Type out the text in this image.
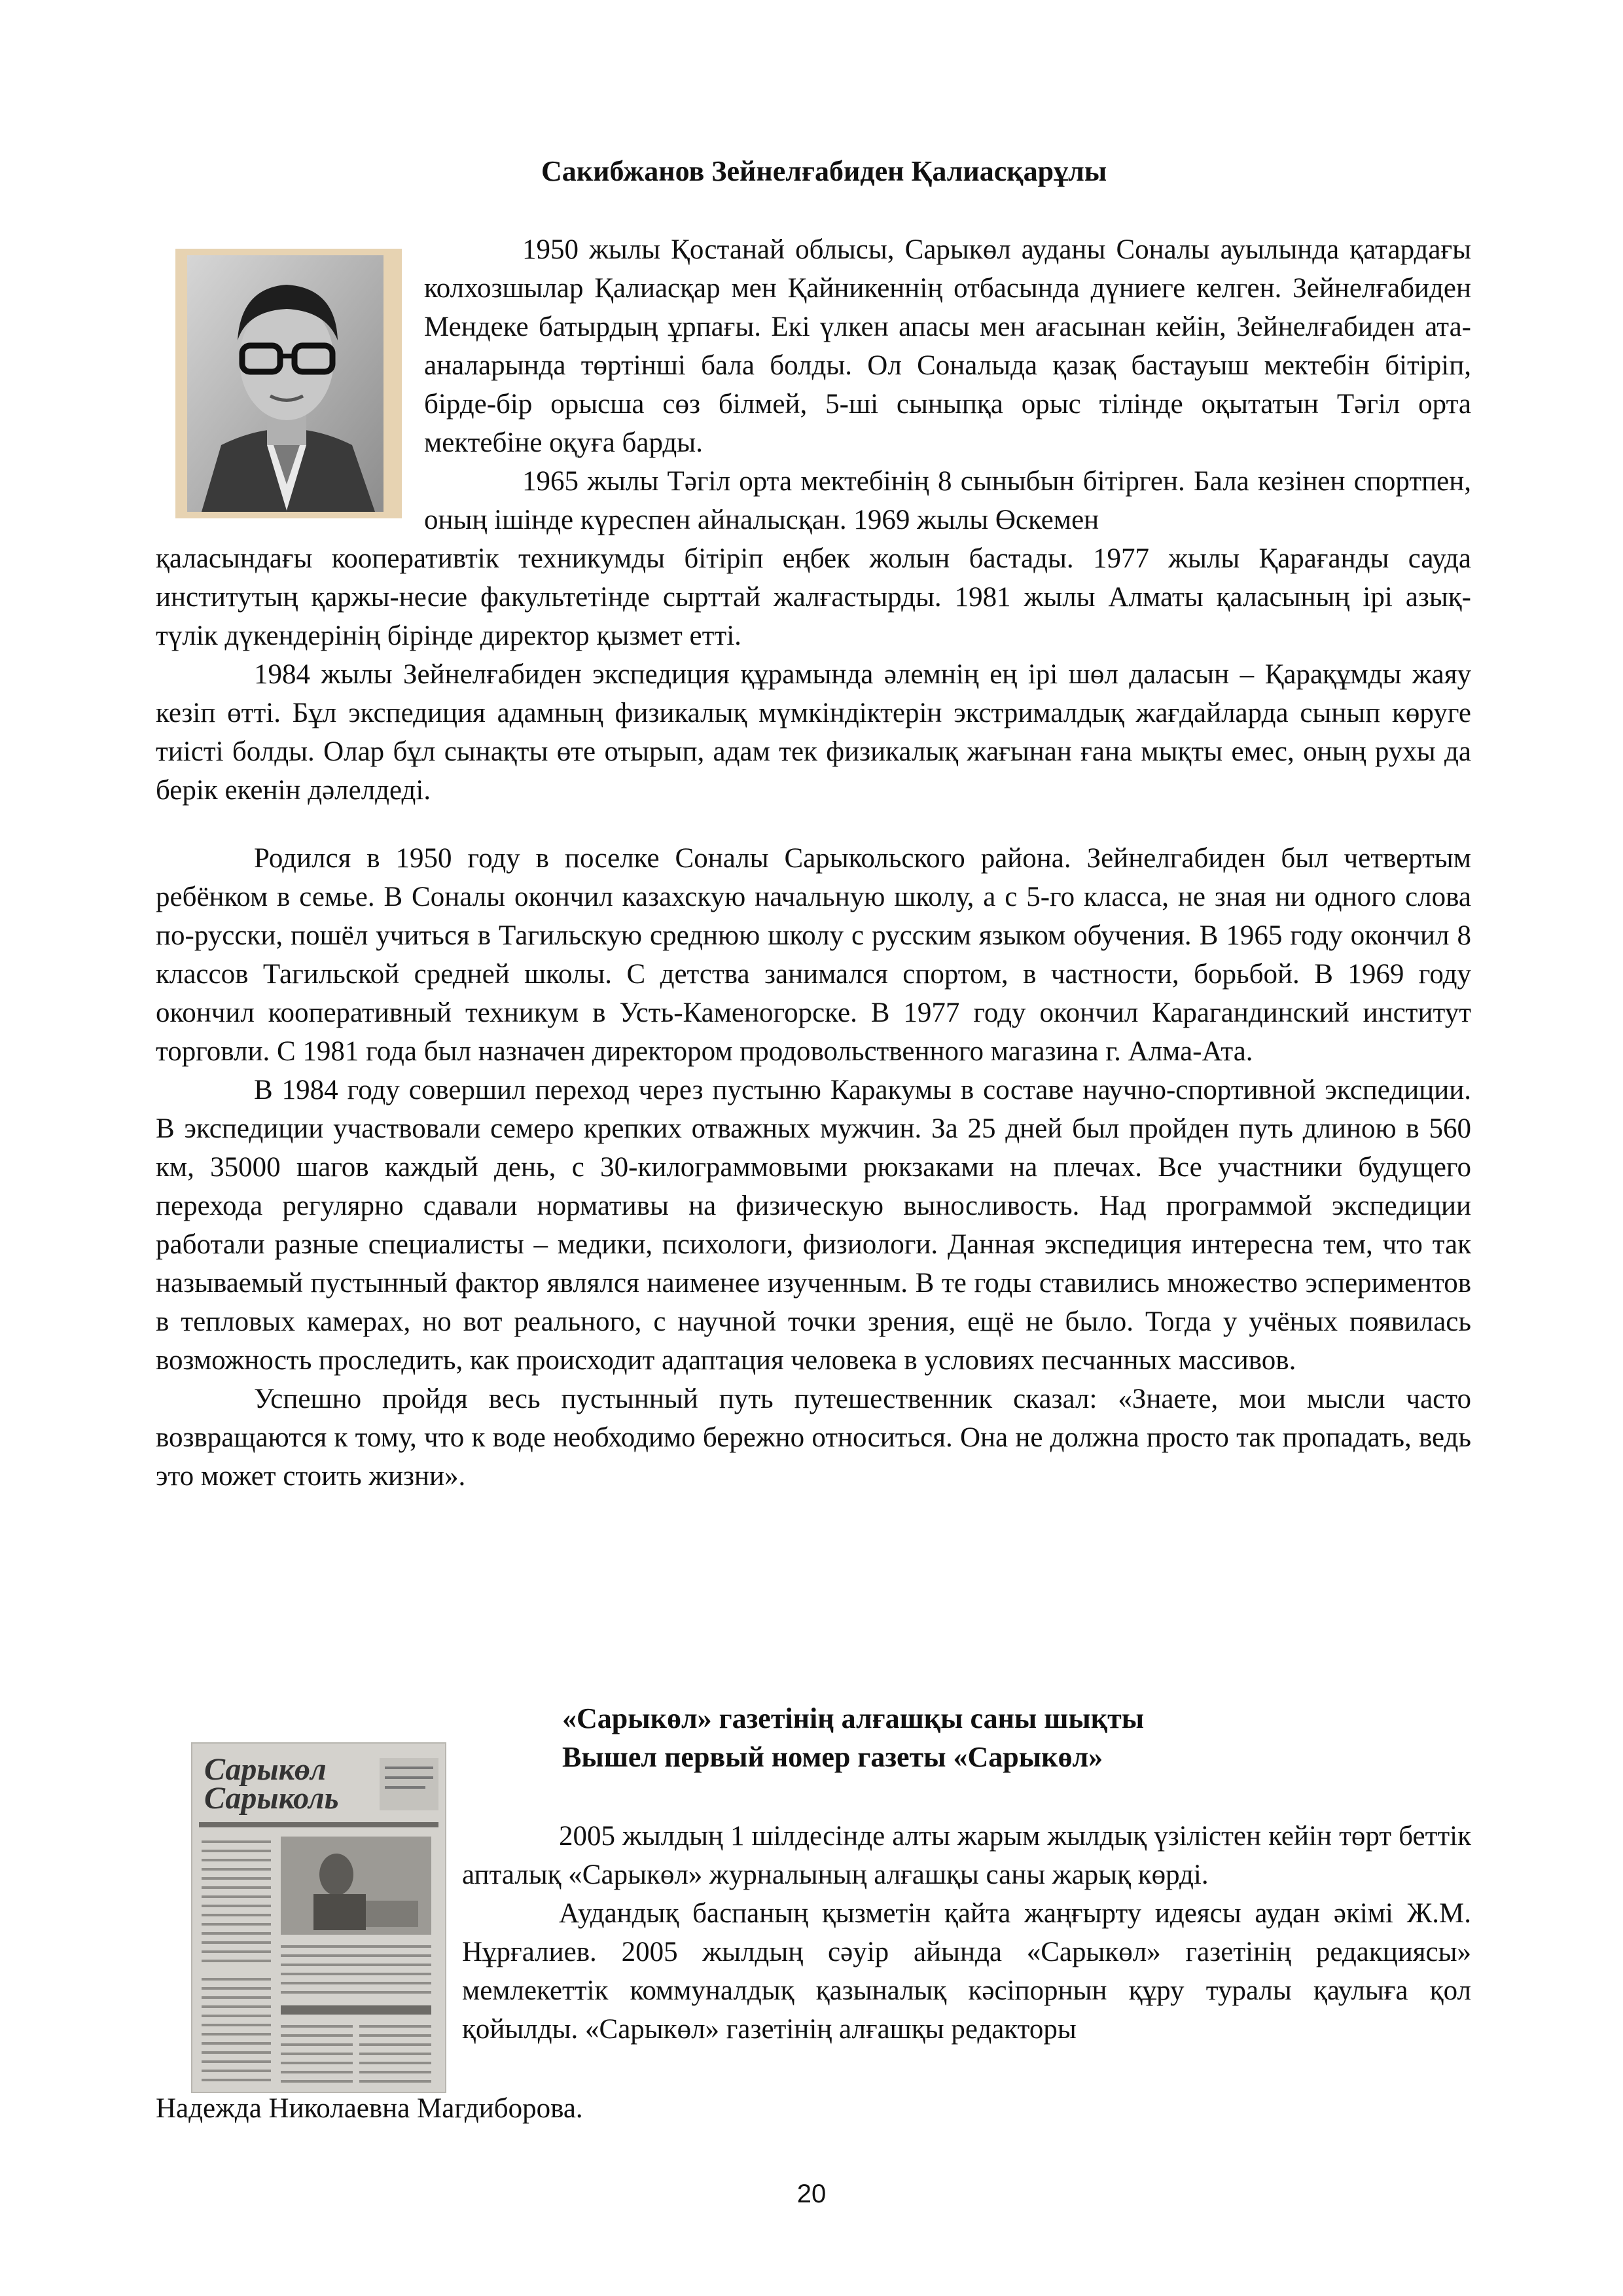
Сакибжанов Зейнелғабиден Қалиасқарұлы

1950 жылы Қостанай облысы, Сарыкөл ауданы Соналы ауылында қатардағы колхозшылар Қалиасқар мен Қайникеннің отбасында дүниеге келген. Зейнелғабиден Мендеке батырдың ұрпағы. Екі үлкен апасы мен ағасынан кейін, Зейнелғабиден ата-аналарында төртінші бала болды. Ол Соналыда қазақ бастауыш мектебін бітіріп, бірде-бір орысша сөз білмей, 5-ші сыныпқа орыс тілінде оқытатын Тәгіл орта мектебіне оқуға барды.

1965 жылы Тәгіл орта мектебінің 8 сыныбын бітірген. Бала кезінен спортпен, оның ішінде күреспен айналысқан. 1969 жылы Өскемен

қаласындағы кооперативтік техникумды бітіріп еңбек жолын бастады. 1977 жылы Қарағанды сауда институтың қаржы-несие факультетінде сырттай жалғастырды. 1981 жылы Алматы қаласының ірі азық-түлік дүкендерінің бірінде директор қызмет етті.

1984 жылы Зейнелғабиден экспедиция құрамында әлемнің ең ірі шөл даласын – Қарақұмды жаяу кезіп өтті. Бұл экспедиция адамның физикалық мүмкіндіктерін экстрималдық жағдайларда сынып көруге тиісті болды. Олар бұл сынақты өте отырып, адам тек физикалық жағынан ғана мықты емес, оның рухы да берік екенін дәлелдеді.

Родился в 1950 году в поселке Соналы Сарыкольского района. Зейнелгабиден был четвертым ребёнком в семье. В Соналы окончил казахскую начальную школу, а с 5-го класса, не зная ни одного слова по-русски, пошёл учиться в Тагильскую среднюю школу с русским языком обучения. В 1965 году окончил 8 классов Тагильской средней школы. С детства занимался спортом, в частности, борьбой. В 1969 году окончил кооперативный техникум в Усть-Каменогорске. В 1977 году окончил Карагандинский институт торговли. С 1981 года был назначен директором продовольственного магазина г. Алма-Ата.

В 1984 году совершил переход через пустыню Каракумы в составе научно-спортивной экспедиции. В экспедиции участвовали семеро крепких отважных мужчин. За 25 дней был пройден путь длиною в 560 км, 35000 шагов каждый день, с 30-килограммовыми рюкзаками на плечах. Все участники будущего перехода регулярно сдавали нормативы на физическую выносливость. Над программой экспедиции работали разные специалисты – медики, психологи, физиологи. Данная экспедиция интересна тем, что так называемый пустынный фактор являлся наименее изученным. В те годы ставились множество эспериментов в тепловых камерах, но вот реального, с научной точки зрения, ещё не было. Тогда у учёных появилась возможность проследить, как происходит адаптация человека в условиях песчанных массивов.

Успешно пройдя весь пустынный путь путешественник сказал: «Знаете, мои мысли часто возвращаются к тому, что к воде необходимо бережно относиться. Она не должна просто так пропадать, ведь это может стоить жизни».

«Сарыкөл» газетінің алғашқы саны шықты
Вышел первый номер газеты «Сарыкөл»
Сарыкөл Сарыколь

2005 жылдың 1 шілдесінде алты жарым жылдық үзілістен кейін төрт беттік апталық «Сарыкөл» журналының алғашқы саны жарық көрді.

Аудандық баспаның қызметін қайта жаңғырту идеясы аудан әкімі Ж.М. Нұрғалиев. 2005 жылдың сәуір айында «Сарыкөл» газетінің редакциясы» мемлекеттік коммуналдық қазыналық кәсіпорнын құру туралы қаулыға қол қойылды. «Сарыкөл» газетінің алғашқы редакторы

Надежда Николаевна Магдиборова.

20
